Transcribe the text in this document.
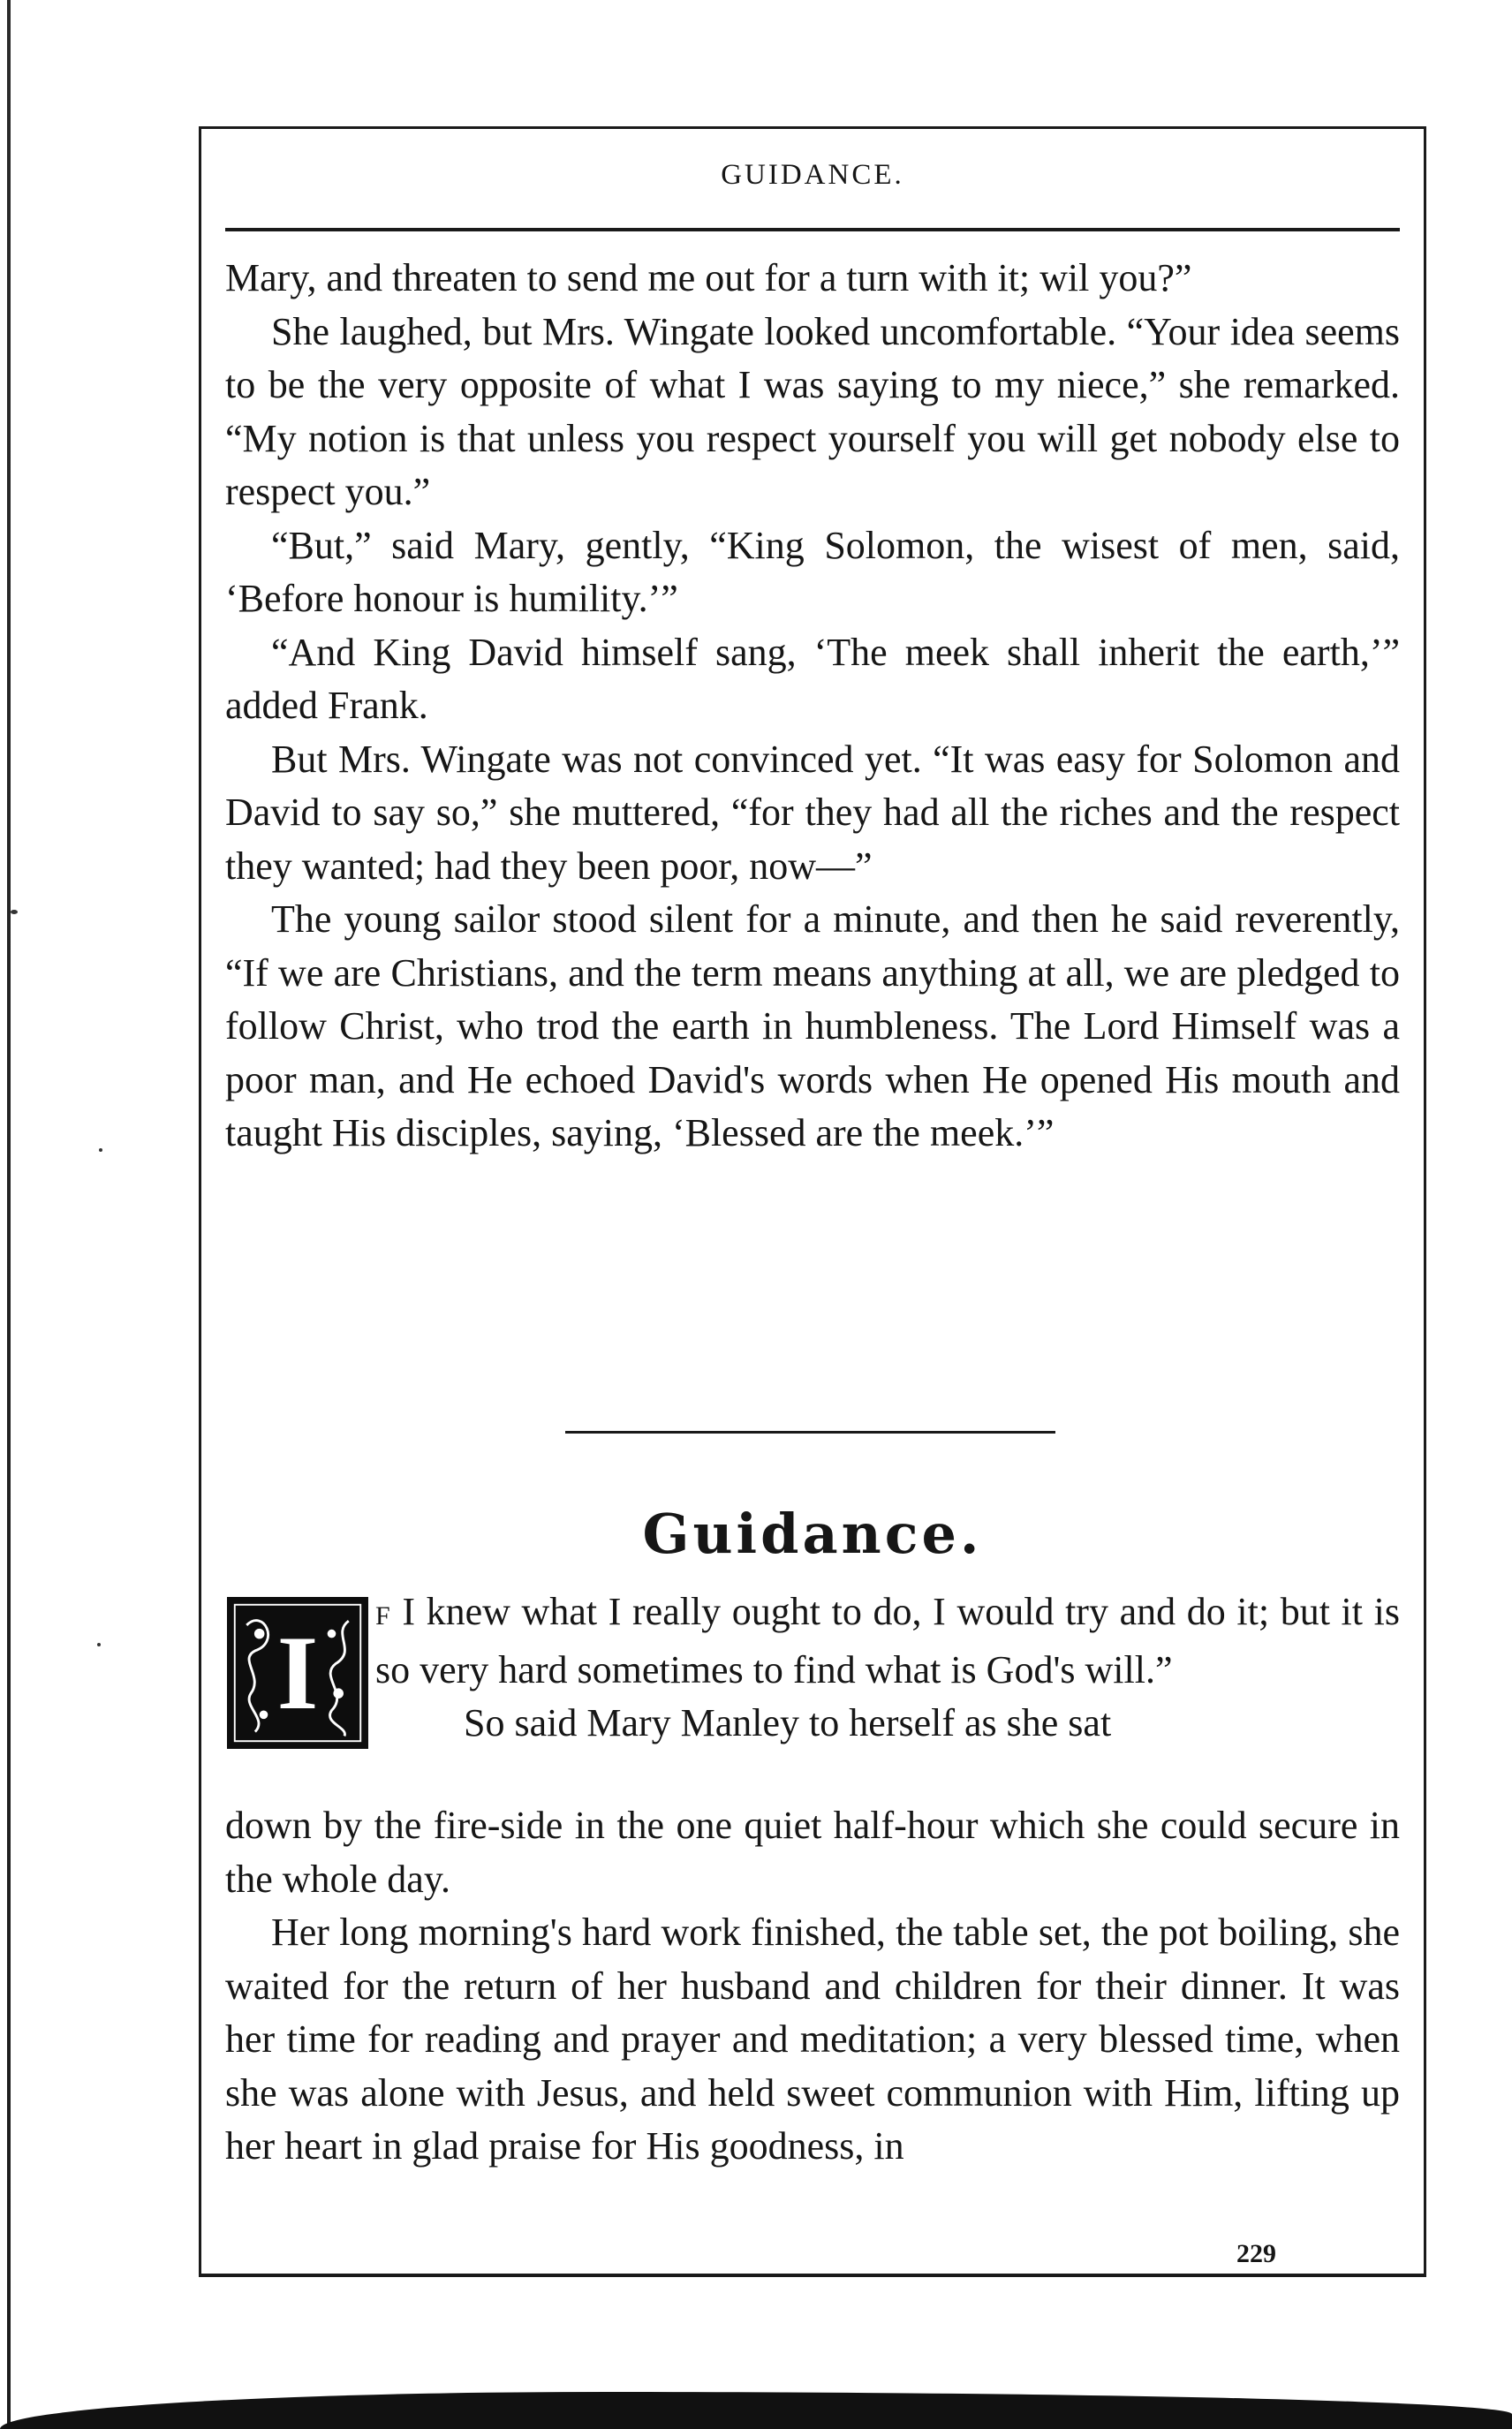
GUIDANCE.

Mary, and threaten to send me out for a turn with it; wil you?”

She laughed, but Mrs. Wingate looked uncomfortable. “Your idea seems to be the very opposite of what I was saying to my niece,” she remarked. “My notion is that unless you respect yourself you will get nobody else to respect you.”

“But,” said Mary, gently, “King Solomon, the wisest of men, said, ‘Before honour is humility.’”

“And King David himself sang, ‘The meek shall inherit the earth,’” added Frank.

But Mrs. Wingate was not convinced yet. “It was easy for Solomon and David to say so,” she muttered, “for they had all the riches and the respect they wanted; had they been poor, now—”

The young sailor stood silent for a minute, and then he said reverently, “If we are Christians, and the term means anything at all, we are pledged to follow Christ, who trod the earth in humbleness. The Lord Himself was a poor man, and He echoed David's words when He opened His mouth and taught His disciples, saying, ‘Blessed are the meek.’”

Guidance.
I	F I knew what I really ought to do, I would try and do it; but it is so very hard sometimes to find what is God's will.”

So said Mary Manley to herself as she sat

down by the fire-side in the one quiet half-hour which she could secure in the whole day.

Her long morning's hard work finished, the table set, the pot boiling, she waited for the return of her husband and children for their dinner. It was her time for reading and prayer and meditation; a very blessed time, when she was alone with Jesus, and held sweet communion with Him, lifting up her heart in glad praise for His goodness, in

229
